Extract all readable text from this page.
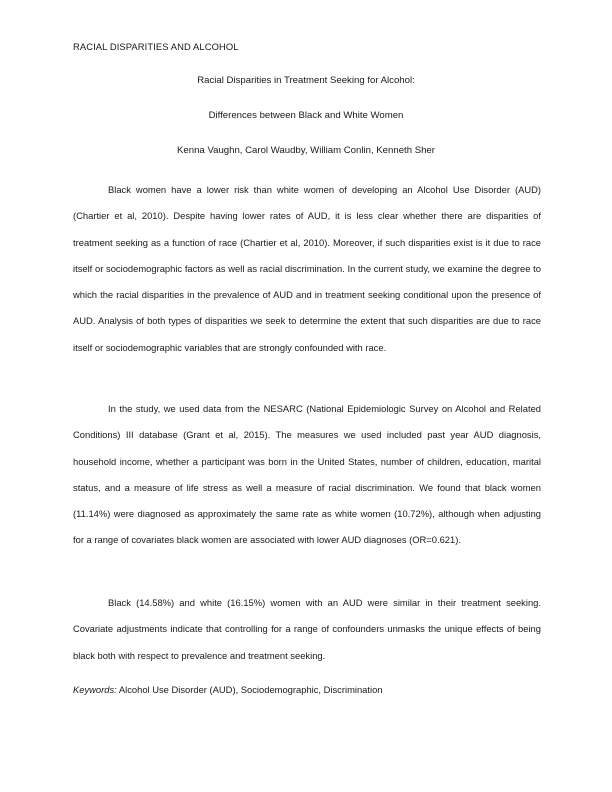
RACIAL DISPARITIES AND ALCOHOL
Racial Disparities in Treatment Seeking for Alcohol:
Differences between Black and White Women
Kenna Vaughn, Carol Waudby, William Conlin, Kenneth Sher

Black women have a lower risk than white women of developing an Alcohol Use Disorder (AUD) (Chartier et al, 2010). Despite having lower rates of AUD, it is less clear whether there are disparities of treatment seeking as a function of race (Chartier et al, 2010). Moreover, if such disparities exist is it due to race itself or sociodemographic factors as well as racial discrimination. In the current study, we examine the degree to which the racial disparities in the prevalence of AUD and in treatment seeking conditional upon the presence of AUD. Analysis of both types of disparities we seek to determine the extent that such disparities are due to race itself or sociodemographic variables that are strongly confounded with race.

In the study, we used data from the NESARC (National Epidemiologic Survey on Alcohol and Related Conditions) III database (Grant et al, 2015). The measures we used included past year AUD diagnosis, household income, whether a participant was born in the United States, number of children, education, marital status, and a measure of life stress as well a measure of racial discrimination. We found that black women (11.14%) were diagnosed as approximately the same rate as white women (10.72%), although when adjusting for a range of covariates black women are associated with lower AUD diagnoses (OR=0.621).

Black (14.58%) and white (16.15%) women with an AUD were similar in their treatment seeking. Covariate adjustments indicate that controlling for a range of confounders unmasks the unique effects of being black both with respect to prevalence and treatment seeking.

Keywords: Alcohol Use Disorder (AUD), Sociodemographic, Discrimination
